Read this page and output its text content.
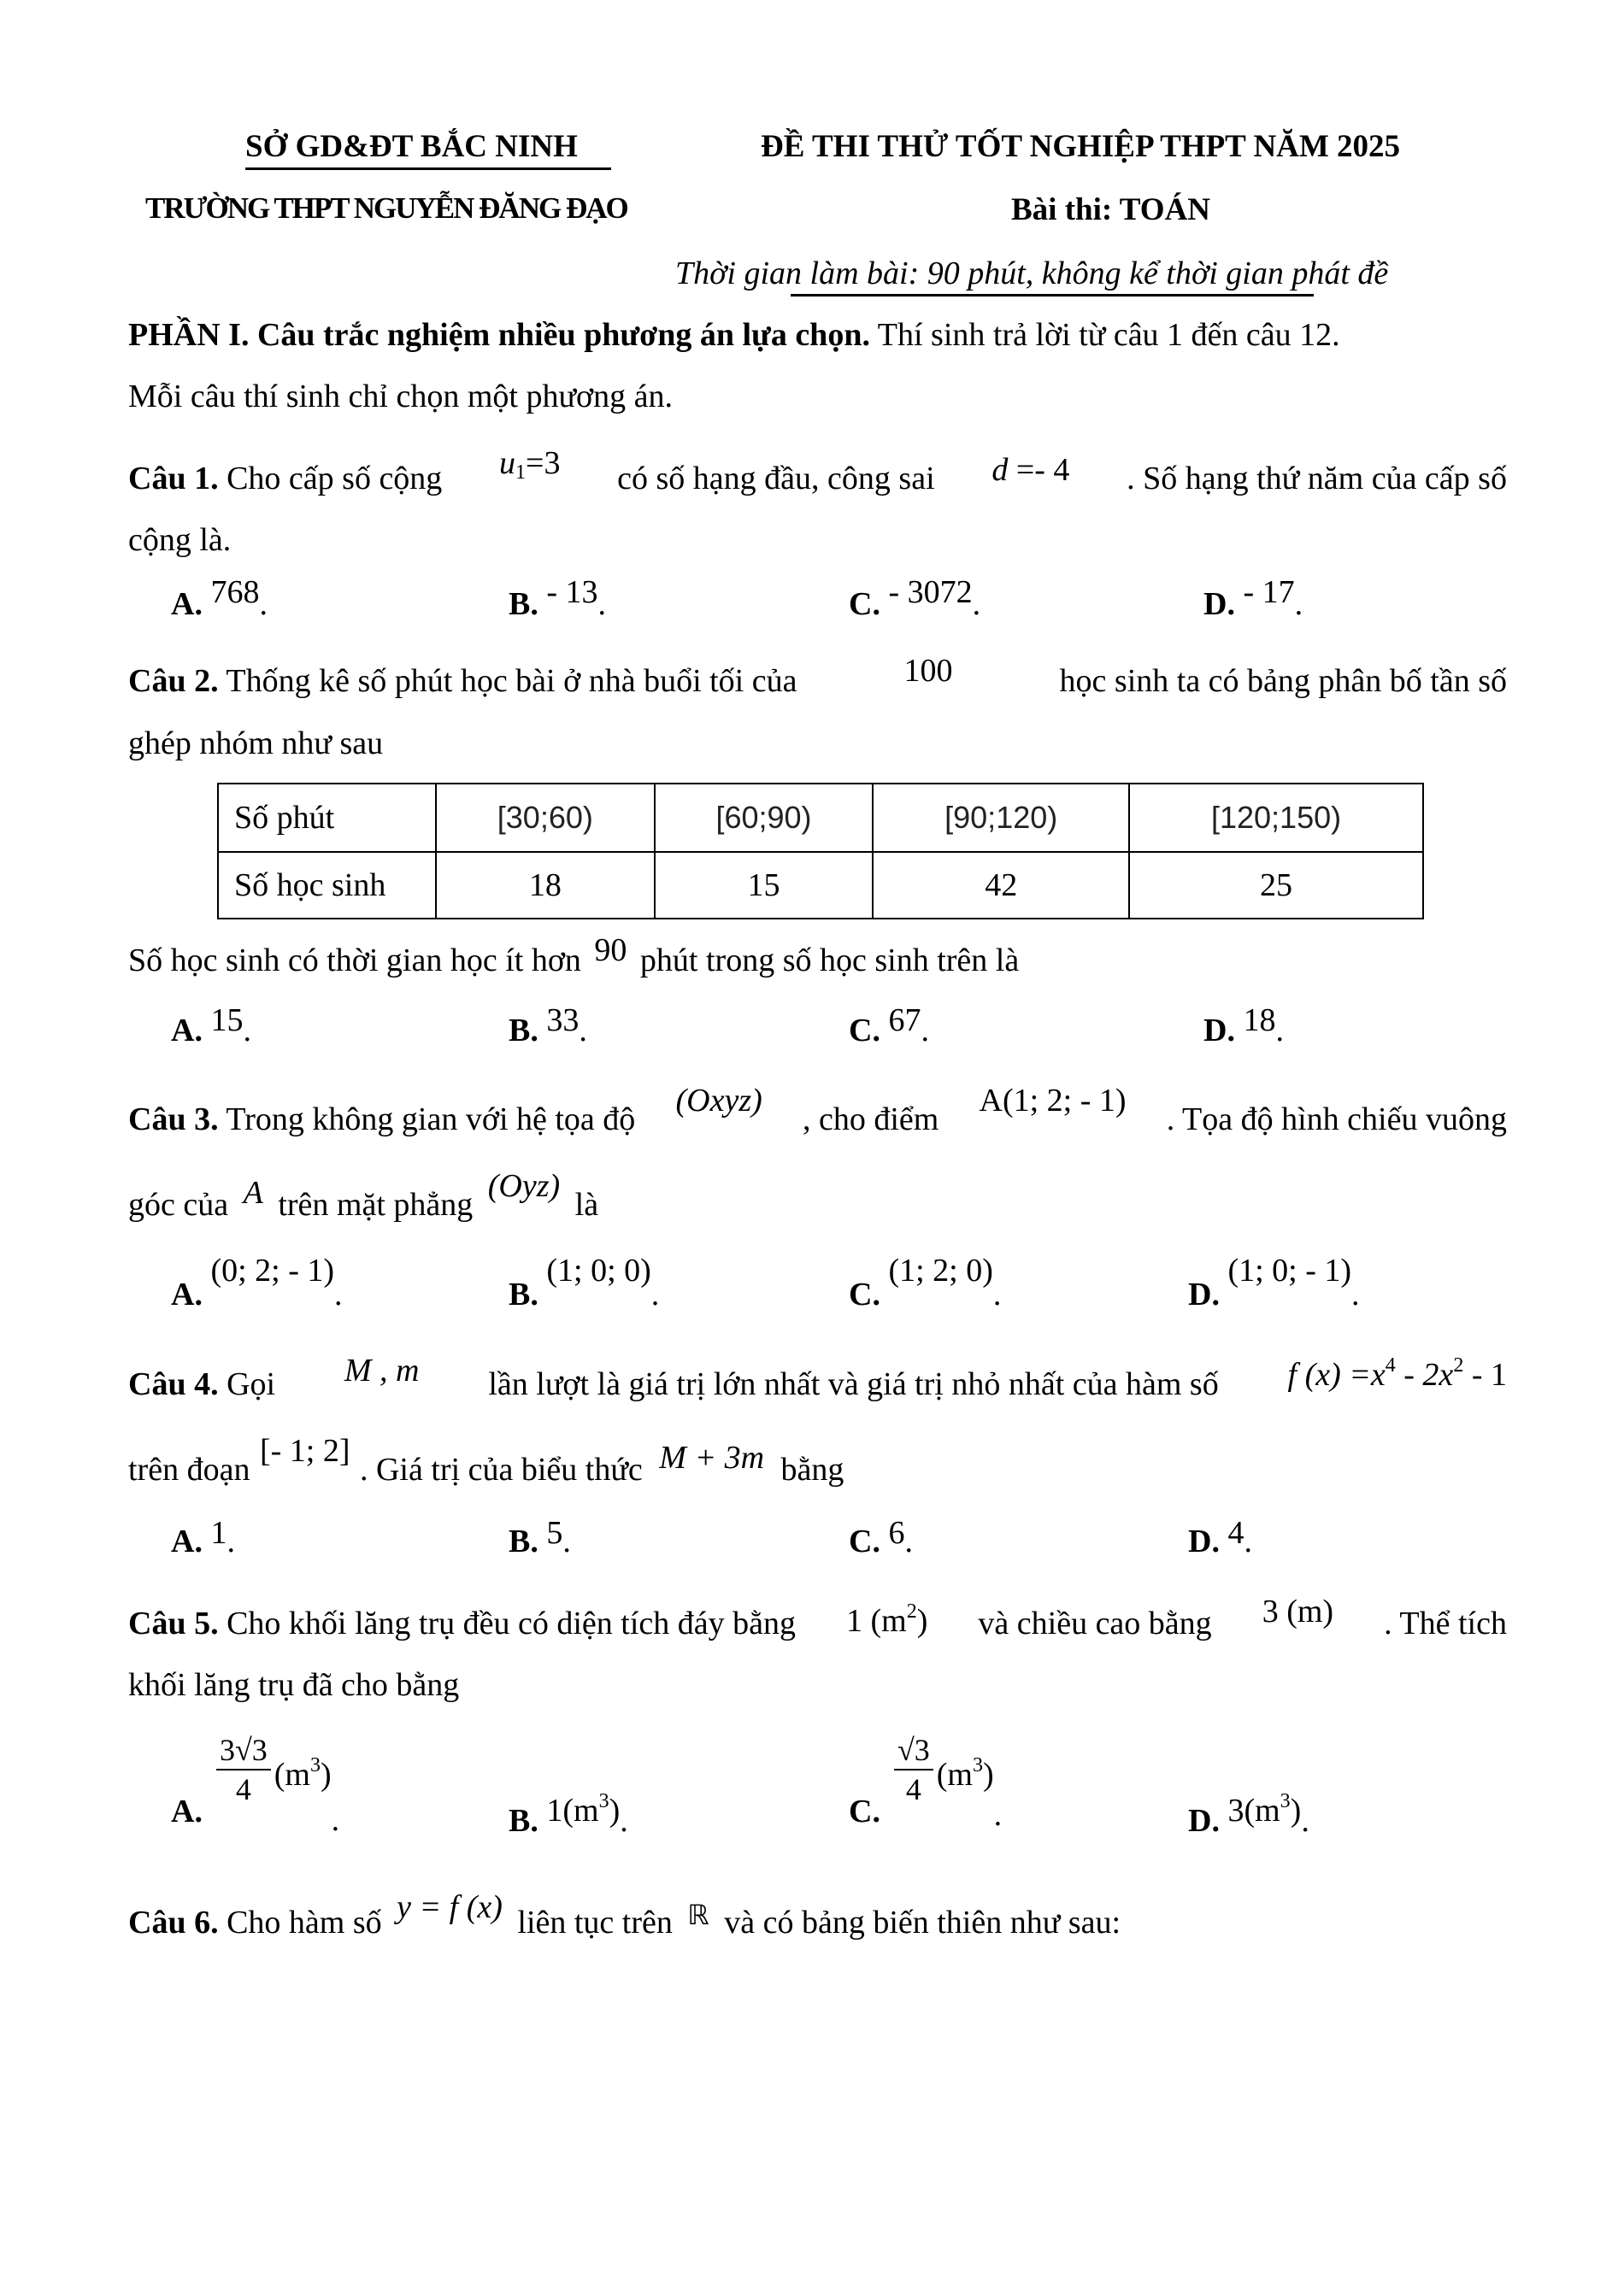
SỞ GD&ĐT BẮC NINH	ĐỀ THI THỬ TỐT NGHIỆP THPT NĂM 2025
TRƯỜNG THPT NGUYỄN ĐĂNG ĐẠO	Bài thi: TOÁN
Thời gian làm bài: 90 phút, không kể thời gian phát đề
PHẦN I. Câu trắc nghiệm nhiều phương án lựa chọn. Thí sinh trả lời từ câu 1 đến câu 12.
Mỗi câu thí sinh chỉ chọn một phương án.
Câu 1. Cho cấp số cộng $u_1=3$ có số hạng đầu, công sai d =- 4 . Số hạng thứ năm của cấp số
cộng là.
A. 768.	B. - 13.	C. - 3072.	D. - 17.
Câu 2. Thống kê số phút học bài ở nhà buổi tối của	100	học sinh ta có bảng phân bố tần số
ghép nhóm như sau
Số phút	[30;60)	[60;90)	[90;120)	[120;150)
Số học sinh	18	15	42	25
Số học sinh có thời gian học ít hơn 90 phút trong số học sinh trên là
A. 15.	B. 33.	C. 67.	D. 18.
Câu 3. Trong không gian với hệ tọa độ
(Oxyz)
, cho điểm
A(1; 2; - 1)
. Tọa độ hình chiếu vuông
góc của A trên mặt phẳng (Oyz) là
A. (0; 2; - 1).	B. (1; 0; 0).	C. (1; 2; 0).	D. (1; 0; - 1).
Câu 4. Gọi M , m lần lượt là giá trị lớn nhất và giá trị nhỏ nhất của hàm số f $(x) =x^4 - 2x^2 - 1$
trên đoạn [- 1; 2] . Giá trị của biểu thức M + 3m bằng
A. 1.	B. 5.	C. 6.	D. 4.
Câu 5. Cho khối lăng trụ đều có diện tích đáy bằng 1 $(m^2)$ và chiều cao bằng 3 (m) . Thể tích
khối lăng trụ đã cho bằng
A.
$\frac{3√3}{4} (m^3)$
.	B. $1(m^3)$.	C.
$\frac{√3}{4} (m^3)$
.	D. $3(m^3)$.
Câu 6. Cho hàm số y = f (x) liên tục trên $^ℝ$ và có bảng biến thiên như sau:
